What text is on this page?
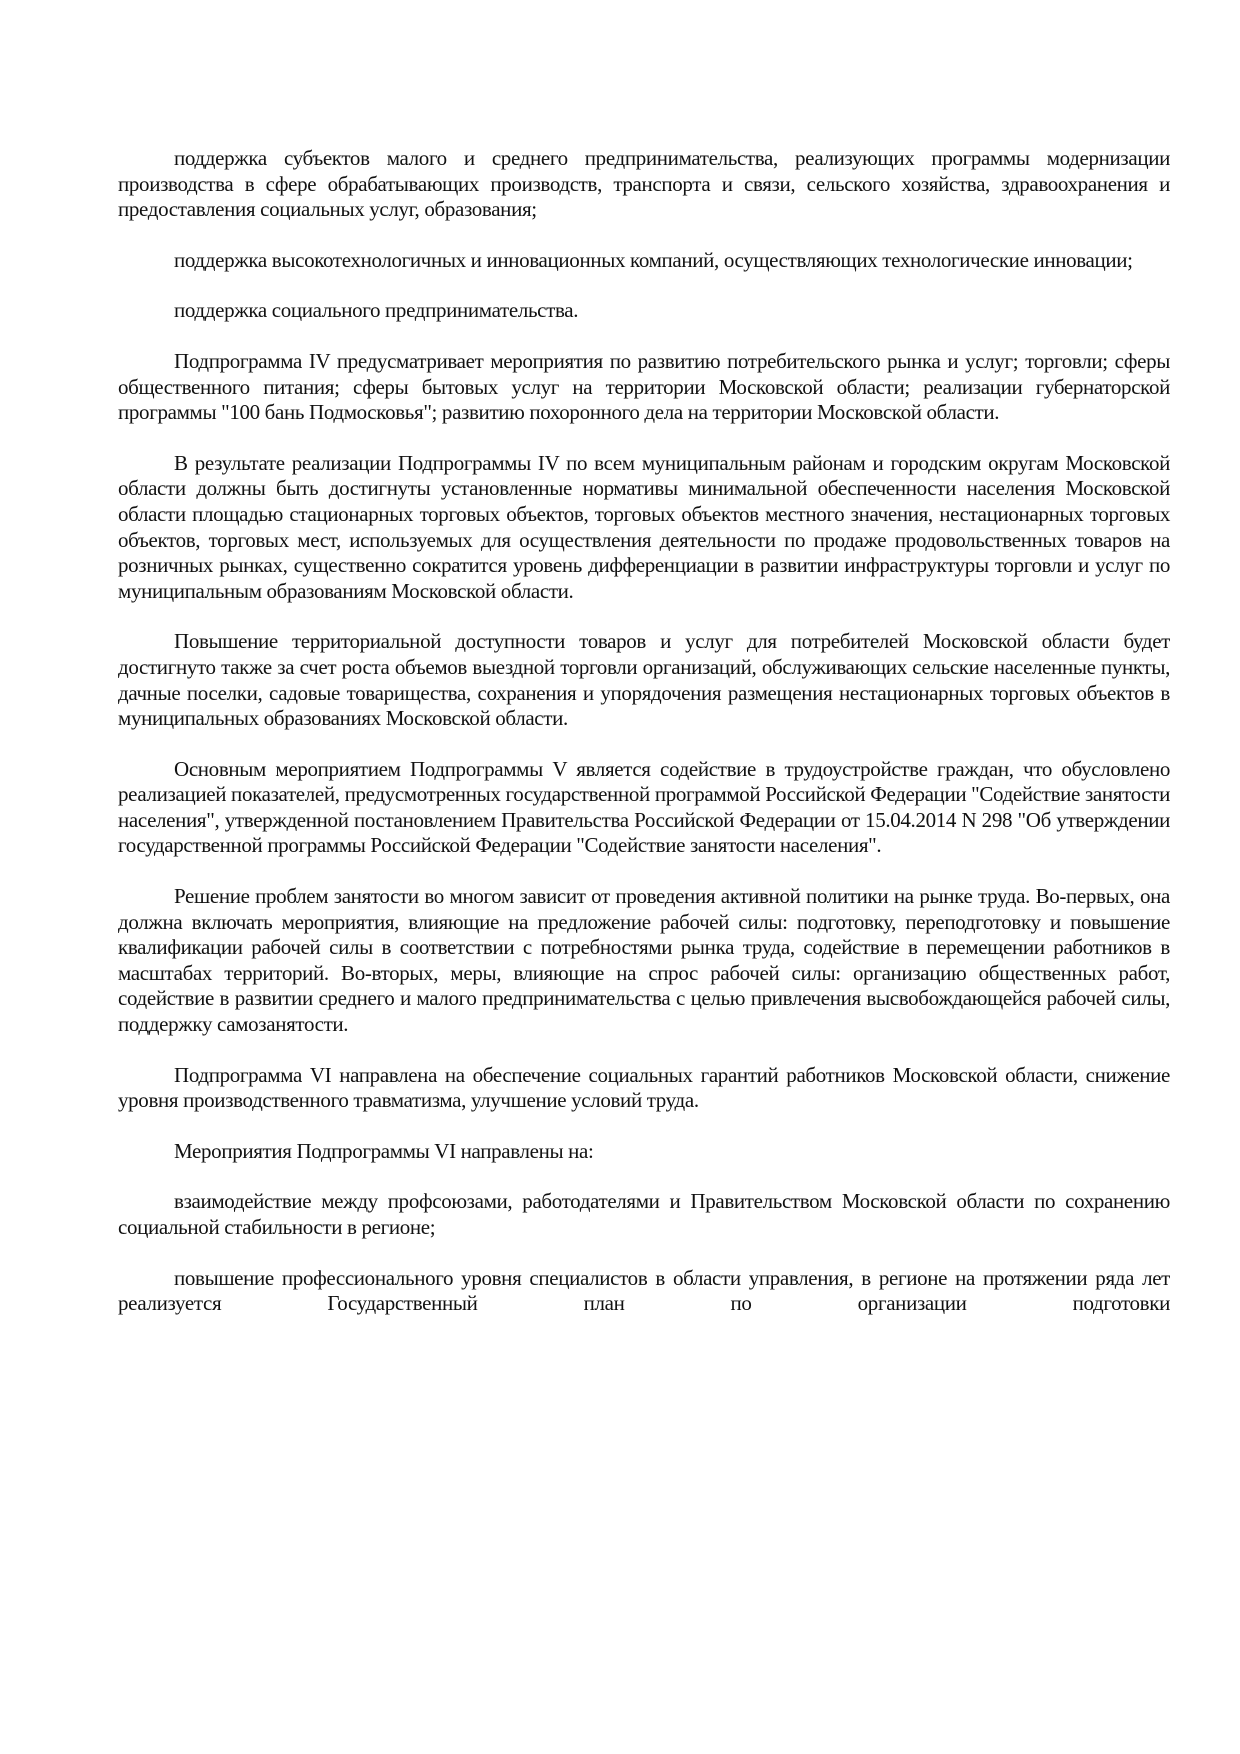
поддержка субъектов малого и среднего предпринимательства, реализующих программы модернизации производства в сфере обрабатывающих производств, транспорта и связи, сельского хозяйства, здравоохранения и предоставления социальных услуг, образования;

поддержка высокотехнологичных и инновационных компаний, осуществляющих технологические инновации;

поддержка социального предпринимательства.

Подпрограмма IV предусматривает мероприятия по развитию потребительского рынка и услуг; торговли; сферы общественного питания; сферы бытовых услуг на территории Московской области; реализации губернаторской программы "100 бань Подмосковья"; развитию похоронного дела на территории Московской области.

В результате реализации Подпрограммы IV по всем муниципальным районам и городским округам Московской области должны быть достигнуты установленные нормативы минимальной обеспеченности населения Московской области площадью стационарных торговых объектов, торговых объектов местного значения, нестационарных торговых объектов, торговых мест, используемых для осуществления деятельности по продаже продовольственных товаров на розничных рынках, существенно сократится уровень дифференциации в развитии инфраструктуры торговли и услуг по муниципальным образованиям Московской области.

Повышение территориальной доступности товаров и услуг для потребителей Московской области будет достигнуто также за счет роста объемов выездной торговли организаций, обслуживающих сельские населенные пункты, дачные поселки, садовые товарищества, сохранения и упорядочения размещения нестационарных торговых объектов в муниципальных образованиях Московской области.

Основным мероприятием Подпрограммы V является содействие в трудоустройстве граждан, что обусловлено реализацией показателей, предусмотренных государственной программой Российской Федерации "Содействие занятости населения", утвержденной постановлением Правительства Российской Федерации от 15.04.2014 N 298 "Об утверждении государственной программы Российской Федерации "Содействие занятости населения".

Решение проблем занятости во многом зависит от проведения активной политики на рынке труда. Во-первых, она должна включать мероприятия, влияющие на предложение рабочей силы: подготовку, переподготовку и повышение квалификации рабочей силы в соответствии с потребностями рынка труда, содействие в перемещении работников в масштабах территорий. Во-вторых, меры, влияющие на спрос рабочей силы: организацию общественных работ, содействие в развитии среднего и малого предпринимательства с целью привлечения высвобождающейся рабочей силы, поддержку самозанятости.

Подпрограмма VI направлена на обеспечение социальных гарантий работников Московской области, снижение уровня производственного травматизма, улучшение условий труда.

Мероприятия Подпрограммы VI направлены на:

взаимодействие между профсоюзами, работодателями и Правительством Московской области по сохранению социальной стабильности в регионе;

повышение профессионального уровня специалистов в области управления, в регионе на протяжении ряда лет реализуется Государственный план по организации подготовки
